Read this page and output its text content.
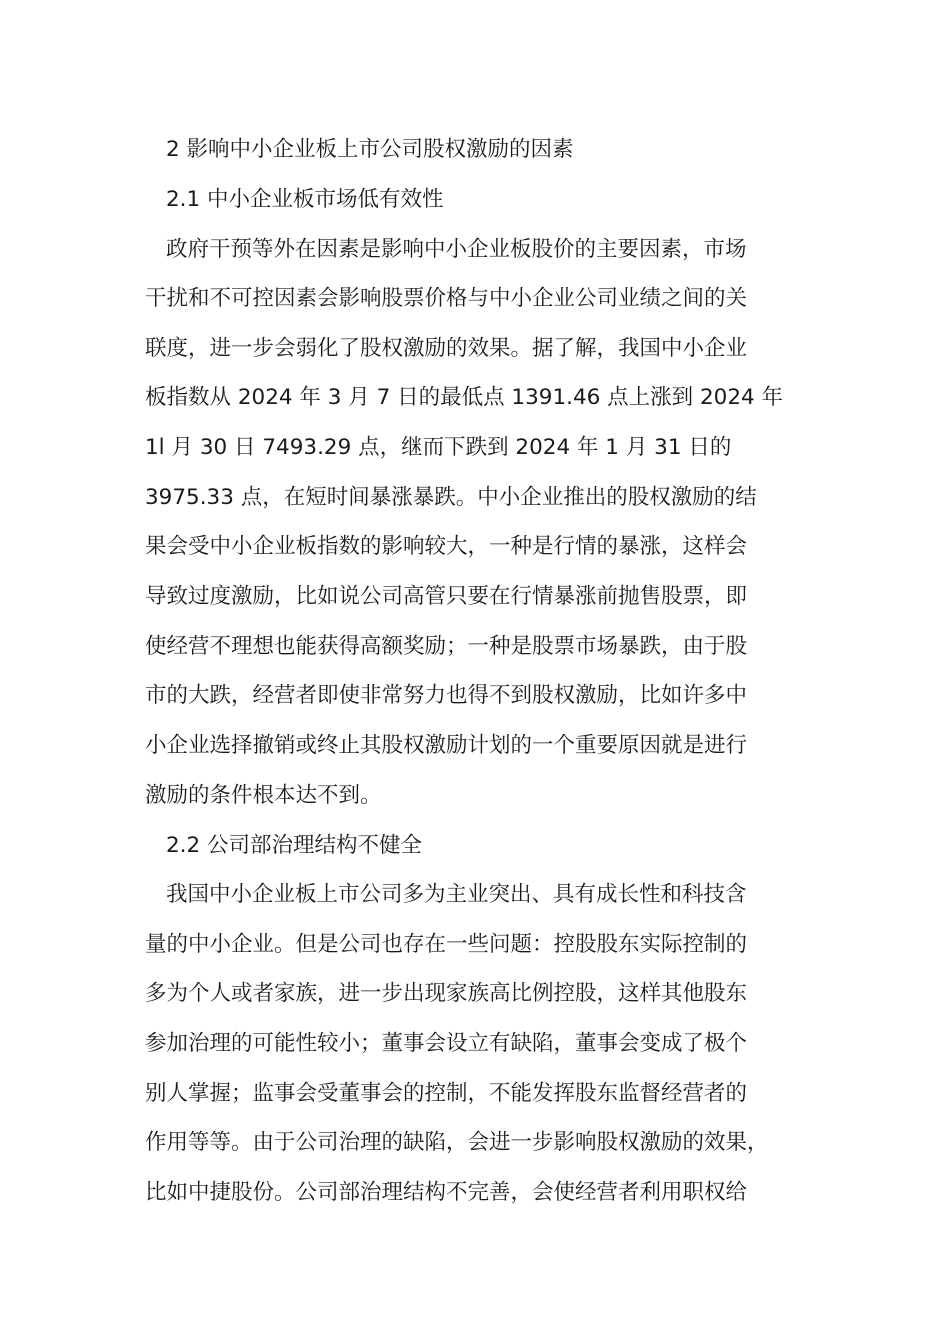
2 影响中小企业板上市公司股权激励的因素
2.1 中小企业板市场低有效性
政府干预等外在因素是影响中小企业板股价的主要因素，市场
干扰和不可控因素会影响股票价格与中小企业公司业绩之间的关
联度，进一步会弱化了股权激励的效果。据了解，我国中小企业
板指数从 2024 年 3 月 7 日的最低点 1391.46 点上涨到 2024 年
1l 月 30 日 7493.29 点，继而下跌到 2024 年 1 月 31 日的
3975.33 点，在短时间暴涨暴跌。中小企业推出的股权激励的结
果会受中小企业板指数的影响较大，一种是行情的暴涨，这样会
导致过度激励，比如说公司高管只要在行情暴涨前抛售股票，即
使经营不理想也能获得高额奖励；一种是股票市场暴跌，由于股
市的大跌，经营者即使非常努力也得不到股权激励，比如许多中
小企业选择撤销或终止其股权激励计划的一个重要原因就是进行
激励的条件根本达不到。
2.2 公司部治理结构不健全
我国中小企业板上市公司多为主业突出、具有成长性和科技含
量的中小企业。但是公司也存在一些问题：控股股东实际控制的
多为个人或者家族，进一步出现家族高比例控股，这样其他股东
参加治理的可能性较小；董事会设立有缺陷，董事会变成了极个
别人掌握；监事会受董事会的控制，不能发挥股东监督经营者的
作用等等。由于公司治理的缺陷，会进一步影响股权激励的效果，
比如中捷股份。公司部治理结构不完善，会使经营者利用职权给
